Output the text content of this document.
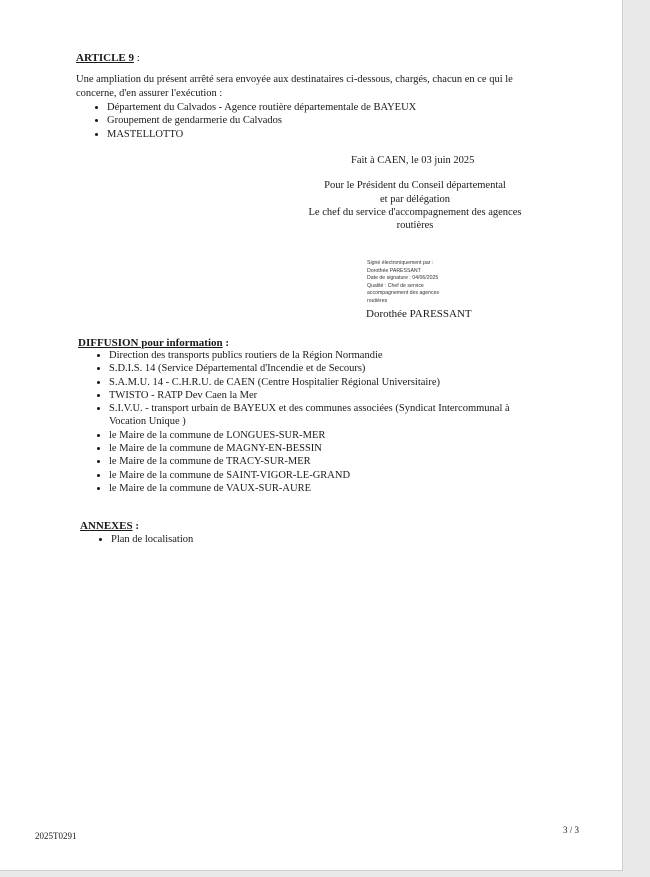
ARTICLE 9 :
Une ampliation du présent arrêté sera envoyée aux destinataires ci-dessous, chargés, chacun en ce qui le
concerne, d'en assurer l'exécution :
Département du Calvados - Agence routière départementale de BAYEUX
Groupement de gendarmerie du Calvados
MASTELLOTTO
Fait à CAEN, le 03 juin 2025
Pour le Président du Conseil départemental
et par délégation
Le chef du service d'accompagnement des agences
routières
Signé électroniquement par :
Dorothée PARESSANT
Date de signature : 04/06/2025
Qualité : Chef de service
accompagnement des agences
routières
Dorothée PARESSANT
DIFFUSION pour information :
Direction des transports publics routiers de la Région Normandie
S.D.I.S. 14 (Service Départemental d'Incendie et de Secours)
S.A.M.U. 14 - C.H.R.U. de CAEN (Centre Hospitalier Régional Universitaire)
TWISTO - RATP Dev Caen la Mer
S.I.V.U. - transport urbain de BAYEUX et des communes associées (Syndicat Intercommunal à
Vocation Unique )
le Maire de la commune de LONGUES-SUR-MER
le Maire de la commune de MAGNY-EN-BESSIN
le Maire de la commune de TRACY-SUR-MER
le Maire de la commune de SAINT-VIGOR-LE-GRAND
le Maire de la commune de VAUX-SUR-AURE
ANNEXES :
Plan de localisation
2025T0291
3 / 3
